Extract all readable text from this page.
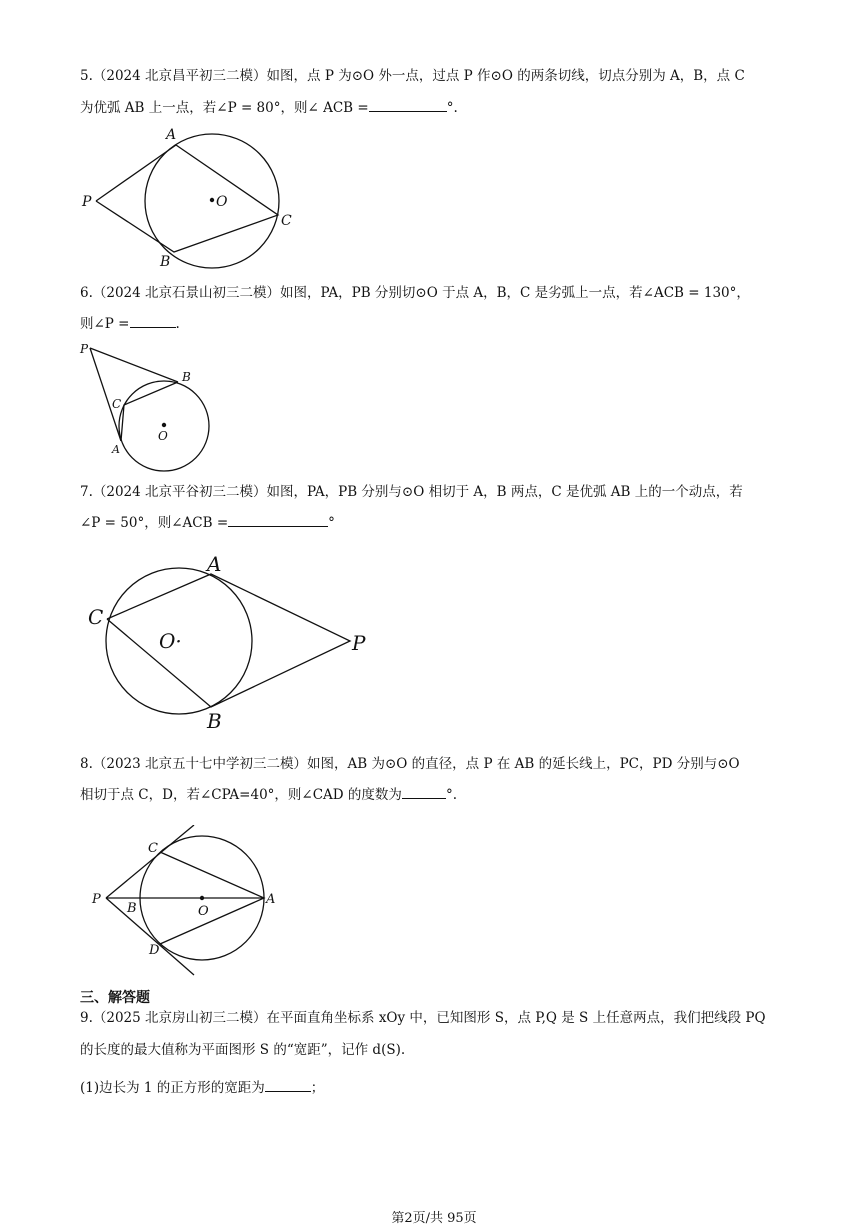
5.（2024 北京昌平初三二模）如图，点 P 为⊙O 外一点，过点 P 作⊙O 的两条切线，切点分别为 A，B，点 C
为优弧 AB 上一点，若∠P = 80°，则∠ ACB =	°.
A
P	O
C
B
6.（2024 北京石景山初三二模）如图，PA，PB 分别切⊙O 于点 A，B，C 是劣弧上一点，若∠ACB = 130°，
则∠P =	.
P
B
C
O
A
7.（2024 北京平谷初三二模）如图，PA，PB 分别与⊙O 相切于 A，B 两点，C 是优弧 AB 上的一个动点，若
∠P = 50°，则∠ACB =	°
A
C
O·	P
B
8.（2023 北京五十七中学初三二模）如图，AB 为⊙O 的直径，点 P 在 AB 的延长线上，PC，PD 分别与⊙O
相切于点 C，D，若∠CPA=40°，则∠CAD 的度数为	°.
C
P
B	O
A
D
三、解答题
9.（2025 北京房山初三二模）在平面直角坐标系 xOy 中，已知图形 S，点 P,Q 是 S 上任意两点，我们把线段 PQ
的长度的最大值称为平面图形 S 的“宽距”，记作 d(S).
(1)边长为 1 的正方形的宽距为	；
第2页/共 95页
